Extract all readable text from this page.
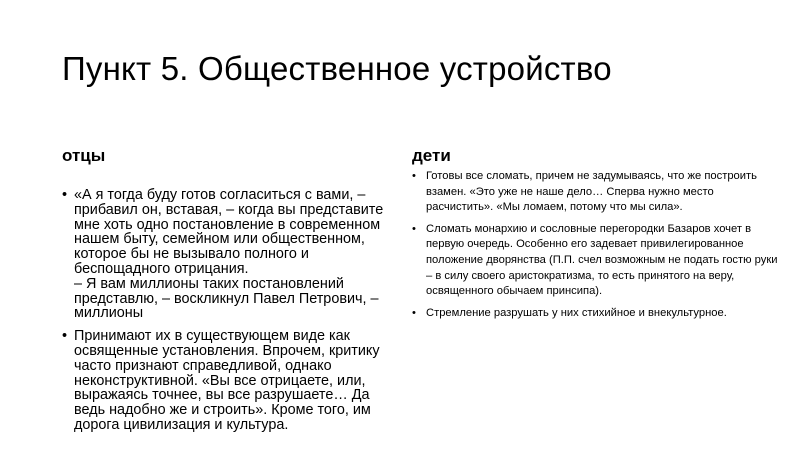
Пункт 5. Общественное устройство
отцы	дети
• «А я тогда буду готов согласиться с вами, – прибавил он, вставая, – когда вы представите мне хоть одно постановление в современном нашем быту, семейном или общественном, которое бы не вызывало полного и беспощадного отрицания.
– Я вам миллионы таких постановлений представлю, – воскликнул Павел Петрович, – миллионы
• Принимают их в существующем виде как освященные установления. Впрочем, критику часто признают справедливой, однако неконструктивной. «Вы все отрицаете, или, выражаясь точнее, вы все разрушаете… Да ведь надобно же и строить». Кроме того, им дорога цивилизация и культура.
• Готовы все сломать, причем не задумываясь, что же построить взамен. «Это уже не наше дело… Сперва нужно место расчистить». «Мы ломаем, потому что мы сила».
• Сломать монархию и сословные перегородки Базаров хочет в первую очередь. Особенно его задевает привилегированное положение дворянства (П.П. счел возможным не подать гостю руки – в силу своего аристократизма, то есть принятого на веру, освященного обычаем принсипа).
• Стремление разрушать у них стихийное и внекультурное.
